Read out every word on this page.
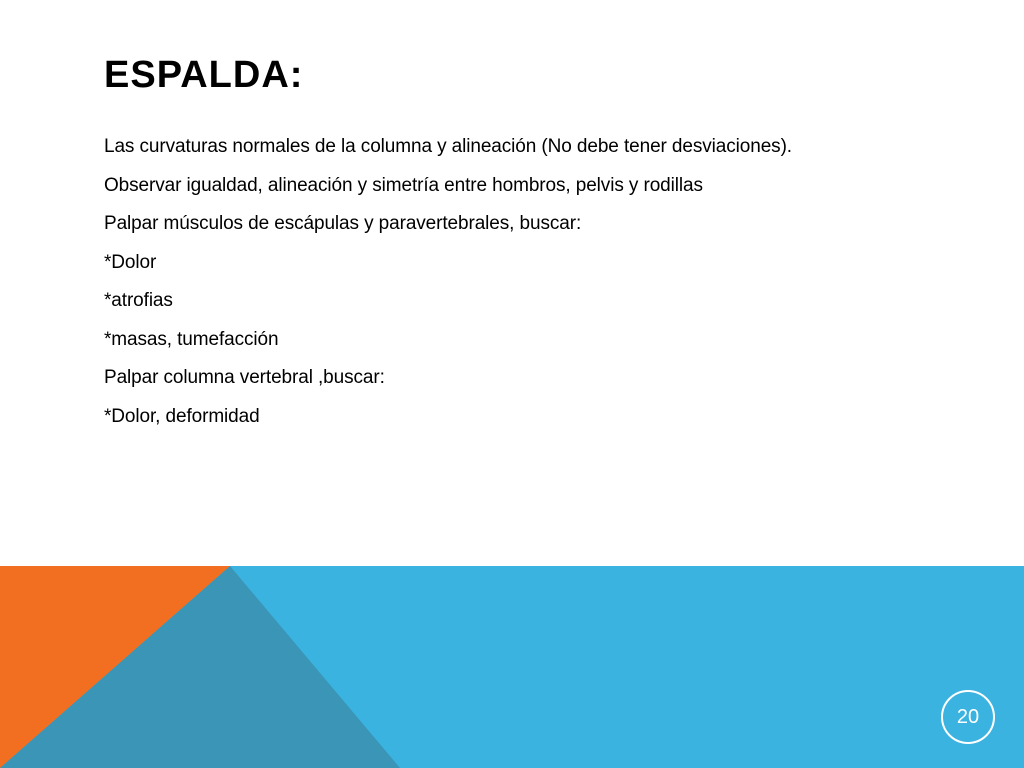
ESPALDA:
Las curvaturas normales de la columna y alineación (No debe tener desviaciones).
Observar igualdad, alineación y simetría entre hombros, pelvis y rodillas
Palpar músculos de escápulas y paravertebrales, buscar:
*Dolor
*atrofias
*masas, tumefacción
Palpar columna vertebral ,buscar:
*Dolor, deformidad
20
